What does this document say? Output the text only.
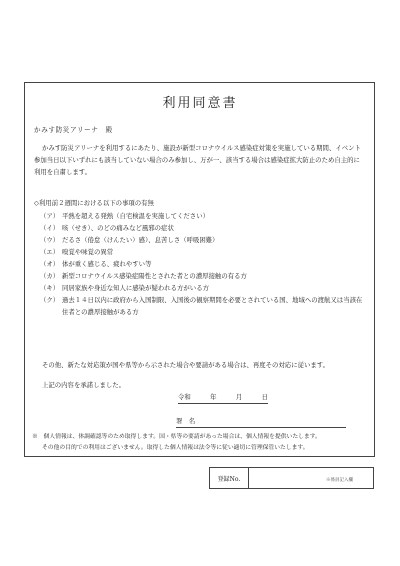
利用同意書
かみす防災アリーナ　殿

かみす防災アリーナを利用するにあたり、施設が新型コロナウイルス感染症対策を実施している期間、イベント参加当日以下いずれにも該当していない場合のみ参加し、万が一、該当する場合は感染症拡大防止のため自主的に利用を自粛します。

◇利用前２週間における以下の事項の有無
（ア） 平熱を超える発熱（自宅検温を実施してください）
（イ） 咳（せき）、のどの痛みなど風邪の症状
（ウ） だるさ（倦怠（けんたい）感）、息苦しさ（呼吸困難）
（エ） 嗅覚や味覚の異常
（オ） 体が重く感じる、疲れやすい等
（カ） 新型コロナウイルス感染症陽性とされた者との濃厚接触の有る方
（キ） 同居家族や身近な知人に感染が疑われる方がいる方
（ク） 過去１４日以内に政府から入国制限、入国後の観察期間を必要とされている国、地域への渡航又は当該在住者との濃厚接触がある方

その他、新たな対応策が国や県等から示された場合や要請がある場合は、再度その対応に従います。

上記の内容を承諾しました。
令和	年	月	日
署　名

※　個人情報は、体調確認等のため取得します。国・県等の要請があった場合は、個人情報を提供いたします。

その他の目的での利用はございません。取得した個人情報は法令等に従い適切に管理保管いたします。

登録No.	※係員記入欄
